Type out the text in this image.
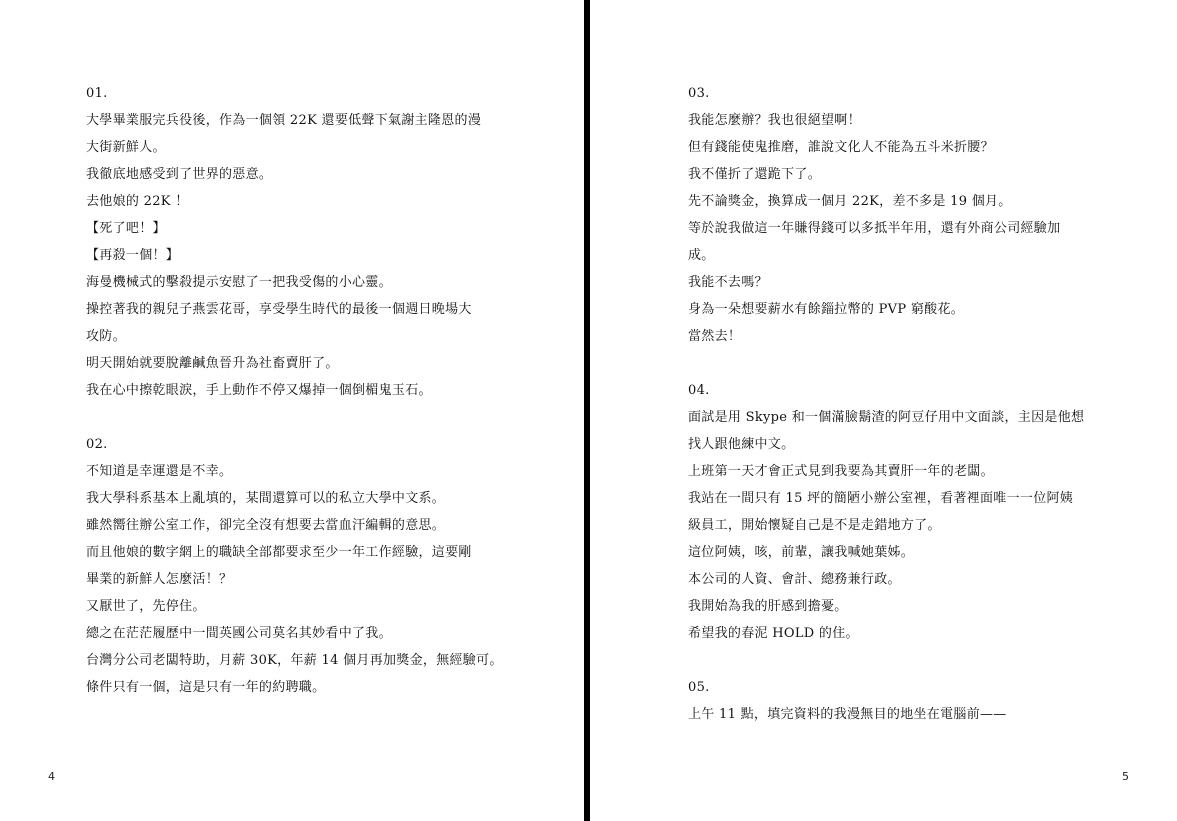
01.
大學畢業服完兵役後，作為一個領 22K 還要低聲下氣謝主隆恩的漫
大街新鮮人。
我徹底地感受到了世界的惡意。
去他娘的 22K ！
【死了吧！】
【再殺一個！】
海曼機械式的擊殺提示安慰了一把我受傷的小心靈。
操控著我的親兒子燕雲花哥，享受學生時代的最後一個週日晚場大
攻防。
明天開始就要脫離鹹魚晉升為社畜賣肝了。
我在心中擦乾眼淚，手上動作不停又爆掉一個倒楣鬼玉石。
02.
不知道是幸運還是不幸。
我大學科系基本上亂填的，某間還算可以的私立大學中文系。
雖然嚮往辦公室工作，卻完全沒有想要去當血汗編輯的意思。
而且他娘的數字網上的職缺全部都要求至少一年工作經驗，這要剛
畢業的新鮮人怎麼活！？
又厭世了，先停住。
總之在茫茫履歷中一間英國公司莫名其妙看中了我。
台灣分公司老闆特助，月薪 30K，年薪 14 個月再加獎金，無經驗可。
條件只有一個，這是只有一年的約聘職。
4
03.
我能怎麼辦？我也很絕望啊！
但有錢能使鬼推磨，誰說文化人不能為五斗米折腰？
我不僅折了還跪下了。
先不論獎金，換算成一個月 22K，差不多是 19 個月。
等於說我做這一年賺得錢可以多抵半年用，還有外商公司經驗加
成。
我能不去嗎？
身為一朵想要薪水有餘錙拉幣的 PVP 窮酸花。
當然去！
04.
面試是用 Skype 和一個滿臉鬍渣的阿豆仔用中文面談，主因是他想
找人跟他練中文。
上班第一天才會正式見到我要為其賣肝一年的老闆。
我站在一間只有 15 坪的簡陋小辦公室裡，看著裡面唯一一位阿姨
級員工，開始懷疑自己是不是走錯地方了。
這位阿姨，咳，前輩，讓我喊她葉姊。
本公司的人資、會計、總務兼行政。
我開始為我的肝感到擔憂。
希望我的春泥 HOLD 的住。
05.
上午 11 點，填完資料的我漫無目的地坐在電腦前——
5
